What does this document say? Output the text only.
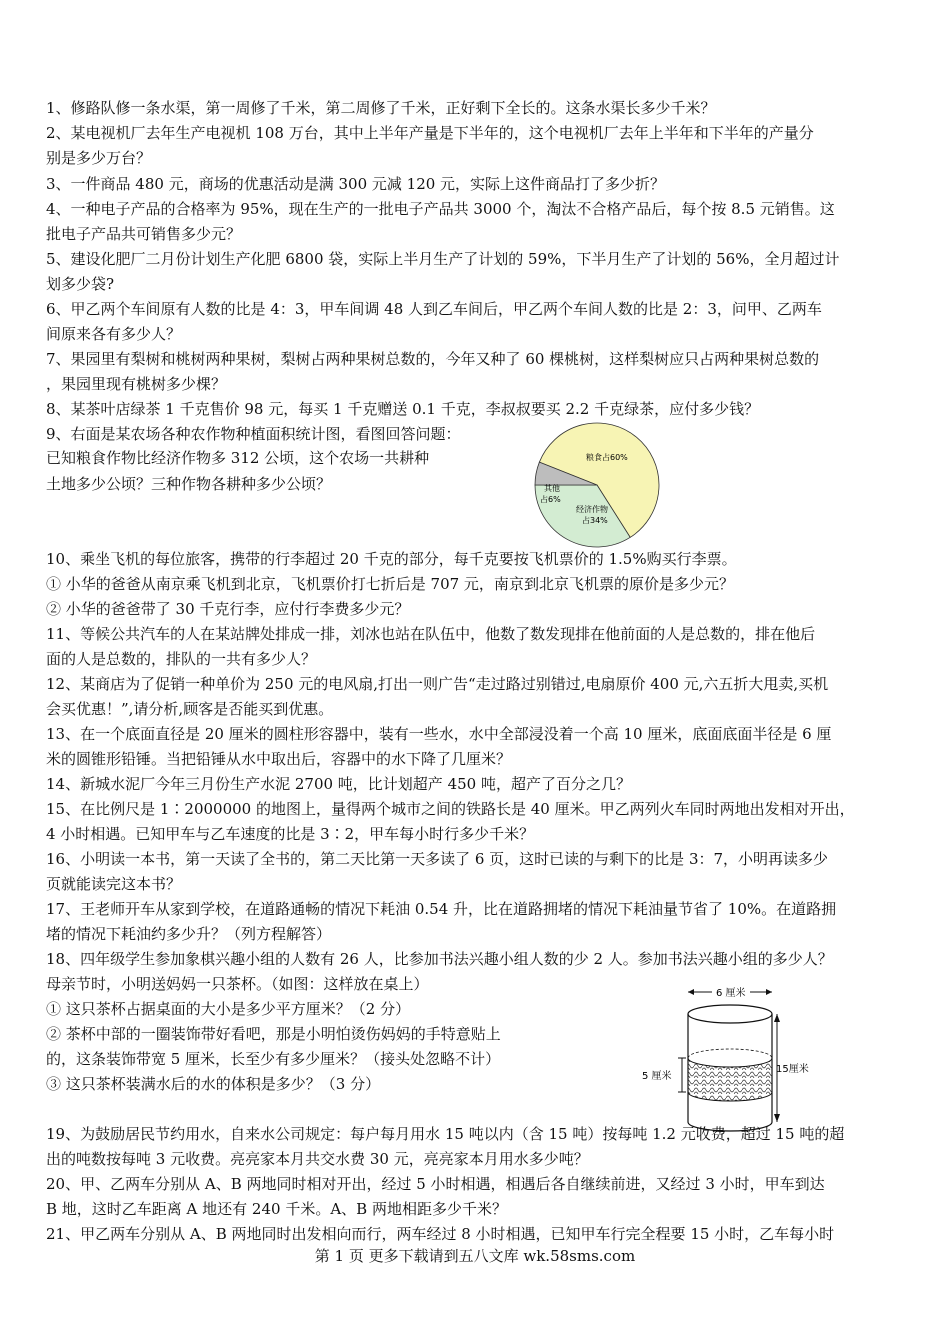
1、修路队修一条水渠，第一周修了千米，第二周修了千米，正好剩下全长的。这条水渠长多少千米？
2、某电视机厂去年生产电视机 108 万台，其中上半年产量是下半年的，这个电视机厂去年上半年和下半年的产量分
别是多少万台？
3、一件商品 480 元，商场的优惠活动是满 300 元减 120 元，实际上这件商品打了多少折？
4、一种电子产品的合格率为 95%，现在生产的一批电子产品共 3000 个，淘汰不合格产品后，每个按 8.5 元销售。这
批电子产品共可销售多少元？
5、建设化肥厂二月份计划生产化肥 6800 袋，实际上半月生产了计划的 59%，下半月生产了计划的 56%，全月超过计
划多少袋?
6、甲乙两个车间原有人数的比是 4：3，甲车间调 48 人到乙车间后，甲乙两个车间人数的比是 2：3，问甲、乙两车
间原来各有多少人？
7、果园里有梨树和桃树两种果树，梨树占两种果树总数的，今年又种了 60 棵桃树，这样梨树应只占两种果树总数的
，果园里现有桃树多少棵？
8、某茶叶店绿茶 1 千克售价 98 元，每买 1 千克赠送 0.1 千克，李叔叔要买 2.2 千克绿茶，应付多少钱？
9、右面是某农场各种农作物种植面积统计图，看图回答问题：
已知粮食作物比经济作物多 312 公顷，这个农场一共耕种
土地多少公顷？三种作物各耕种多少公顷？
10、乘坐飞机的每位旅客，携带的行李超过 20 千克的部分，每千克要按飞机票价的 1.5%购买行李票。
① 小华的爸爸从南京乘飞机到北京，飞机票价打七折后是 707 元，南京到北京飞机票的原价是多少元？
② 小华的爸爸带了 30 千克行李，应付行李费多少元？
11、等候公共汽车的人在某站牌处排成一排，刘冰也站在队伍中，他数了数发现排在他前面的人是总数的，排在他后
面的人是总数的，排队的一共有多少人？
12、某商店为了促销一种单价为 250 元的电风扇,打出一则广告“走过路过别错过,电扇原价 400 元,六五折大甩卖,买机
会买优惠！”,请分析,顾客是否能买到优惠。
13、在一个底面直径是 20 厘米的圆柱形容器中，装有一些水，水中全部浸没着一个高 10 厘米，底面底面半径是 6 厘
米的圆锥形铅锤。当把铅锤从水中取出后，容器中的水下降了几厘米？
14、新城水泥厂今年三月份生产水泥 2700 吨，比计划超产 450 吨，超产了百分之几？
15、在比例尺是 1∶2000000 的地图上，量得两个城市之间的铁路长是 40 厘米。甲乙两列火车同时两地出发相对开出，
4 小时相遇。已知甲车与乙车速度的比是 3∶2，甲车每小时行多少千米？
16、小明读一本书，第一天读了全书的，第二天比第一天多读了 6 页，这时已读的与剩下的比是 3：7，小明再读多少
页就能读完这本书？
17、王老师开车从家到学校，在道路通畅的情况下耗油 0.54 升，比在道路拥堵的情况下耗油量节省了 10%。在道路拥
堵的情况下耗油约多少升？（列方程解答）
18、四年级学生参加象棋兴趣小组的人数有 26 人，比参加书法兴趣小组人数的少 2 人。参加书法兴趣小组的多少人？
母亲节时，小明送妈妈一只茶杯。（如图：这样放在桌上）
① 这只茶杯占据桌面的大小是多少平方厘米？（2 分）
② 茶杯中部的一圈装饰带好看吧，那是小明怕烫伤妈妈的手特意贴上
的，这条装饰带宽 5 厘米，长至少有多少厘米？（接头处忽略不计）
③ 这只茶杯装满水后的水的体积是多少？（3 分）
19、为鼓励居民节约用水，自来水公司规定：每户每月用水 15 吨以内（含 15 吨）按每吨 1.2 元收费，超过 15 吨的超
出的吨数按每吨 3 元收费。亮亮家本月共交水费 30 元，亮亮家本月用水多少吨？
20、甲、乙两车分别从 A、B 两地同时相对开出，经过 5 小时相遇，相遇后各自继续前进，又经过 3 小时，甲车到达
B 地，这时乙车距离 A 地还有 240 千米。A、B 两地相距多少千米？
21、甲乙两车分别从 A、B 两地同时出发相向而行，两车经过 8 小时相遇，已知甲车行完全程要 15 小时，乙车每小时
粮食占60%
其他
占6%
经济作物
占34%
6 厘米
5 厘米
15厘米
第 1 页 更多下载请到五八文库 wk.58sms.com
